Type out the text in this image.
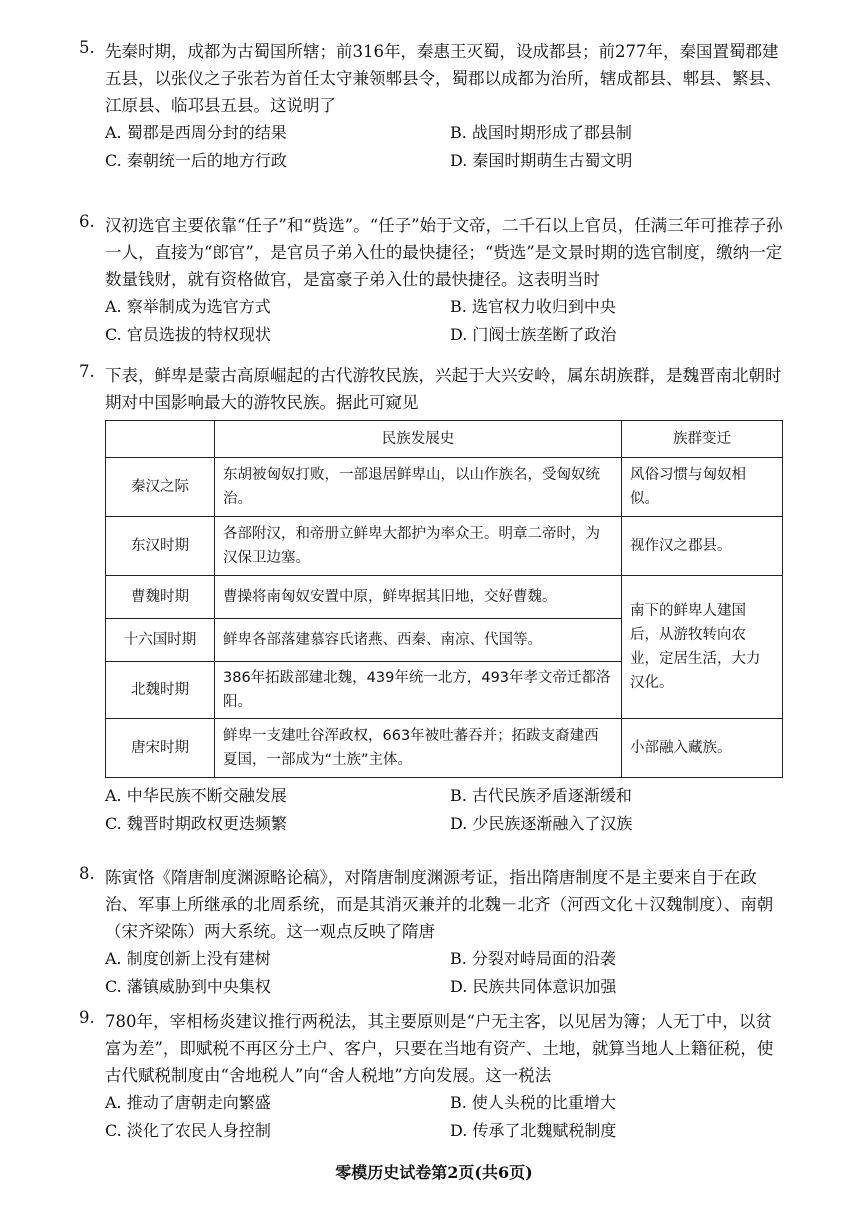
5. 先秦时期，成都为古蜀国所辖；前316年，秦惠王灭蜀，设成都县；前277年，秦国置蜀郡建五县，以张仪之子张若为首任太守兼领郫县令，蜀郡以成都为治所，辖成都县、郫县、繁县、江原县、临邛县五县。这说明了

A. 蜀郡是西周分封的结果	B. 战国时期形成了郡县制
C. 秦朝统一后的地方行政	D. 秦国时期萌生古蜀文明
6. 汉初选官主要依靠“任子”和“赀选”。“任子”始于文帝，二千石以上官员，任满三年可推荐子孙一人，直接为“郎官”，是官员子弟入仕的最快捷径；“赀选”是文景时期的选官制度，缴纳一定数量钱财，就有资格做官，是富豪子弟入仕的最快捷径。这表明当时

A. 察举制成为选官方式	B. 选官权力收归到中央
C. 官员选拔的特权现状	D. 门阀士族垄断了政治
7. 下表，鲜卑是蒙古高原崛起的古代游牧民族，兴起于大兴安岭，属东胡族群，是魏晋南北朝时期对中国影响最大的游牧民族。据此可窥见

	民族发展史	族群变迁
秦汉之际	东胡被匈奴打败，一部退居鲜卑山，以山作族名，受匈奴统治。	风俗习惯与匈奴相似。
东汉时期	各部附汉，和帝册立鲜卑大都护为率众王。明章二帝时，为汉保卫边塞。	视作汉之郡县。
曹魏时期	曹操将南匈奴安置中原，鲜卑据其旧地，交好曹魏。	南下的鲜卑人建国后，从游牧转向农业，定居生活，大力汉化。
十六国时期	鲜卑各部落建慕容氏诸燕、西秦、南凉、代国等。	
北魏时期	386年拓跋部建北魏，439年统一北方，493年孝文帝迁都洛阳。	
唐宋时期	鲜卑一支建吐谷浑政权，663年被吐蕃吞并；拓跋支裔建西夏国，一部成为“土族”主体。	小部融入藏族。
A. 中华民族不断交融发展	B. 古代民族矛盾逐渐缓和
C. 魏晋时期政权更迭频繁	D. 少民族逐渐融入了汉族
8. 陈寅恪《隋唐制度渊源略论稿》，对隋唐制度渊源考证，指出隋唐制度不是主要来自于在政治、军事上所继承的北周系统，而是其消灭兼并的北魏－北齐（河西文化＋汉魏制度）、南朝（宋齐梁陈）两大系统。这一观点反映了隋唐

A. 制度创新上没有建树	B. 分裂对峙局面的沿袭
C. 藩镇威胁到中央集权	D. 民族共同体意识加强
9. 780年，宰相杨炎建议推行两税法，其主要原则是“户无主客，以见居为簿；人无丁中，以贫富为差”，即赋税不再区分土户、客户，只要在当地有资产、土地，就算当地人上籍征税，使古代赋税制度由“舍地税人”向“舍人税地”方向发展。这一税法

A. 推动了唐朝走向繁盛	B. 使人头税的比重增大
C. 淡化了农民人身控制	D. 传承了北魏赋税制度
零模历史试卷第2页(共6页)
